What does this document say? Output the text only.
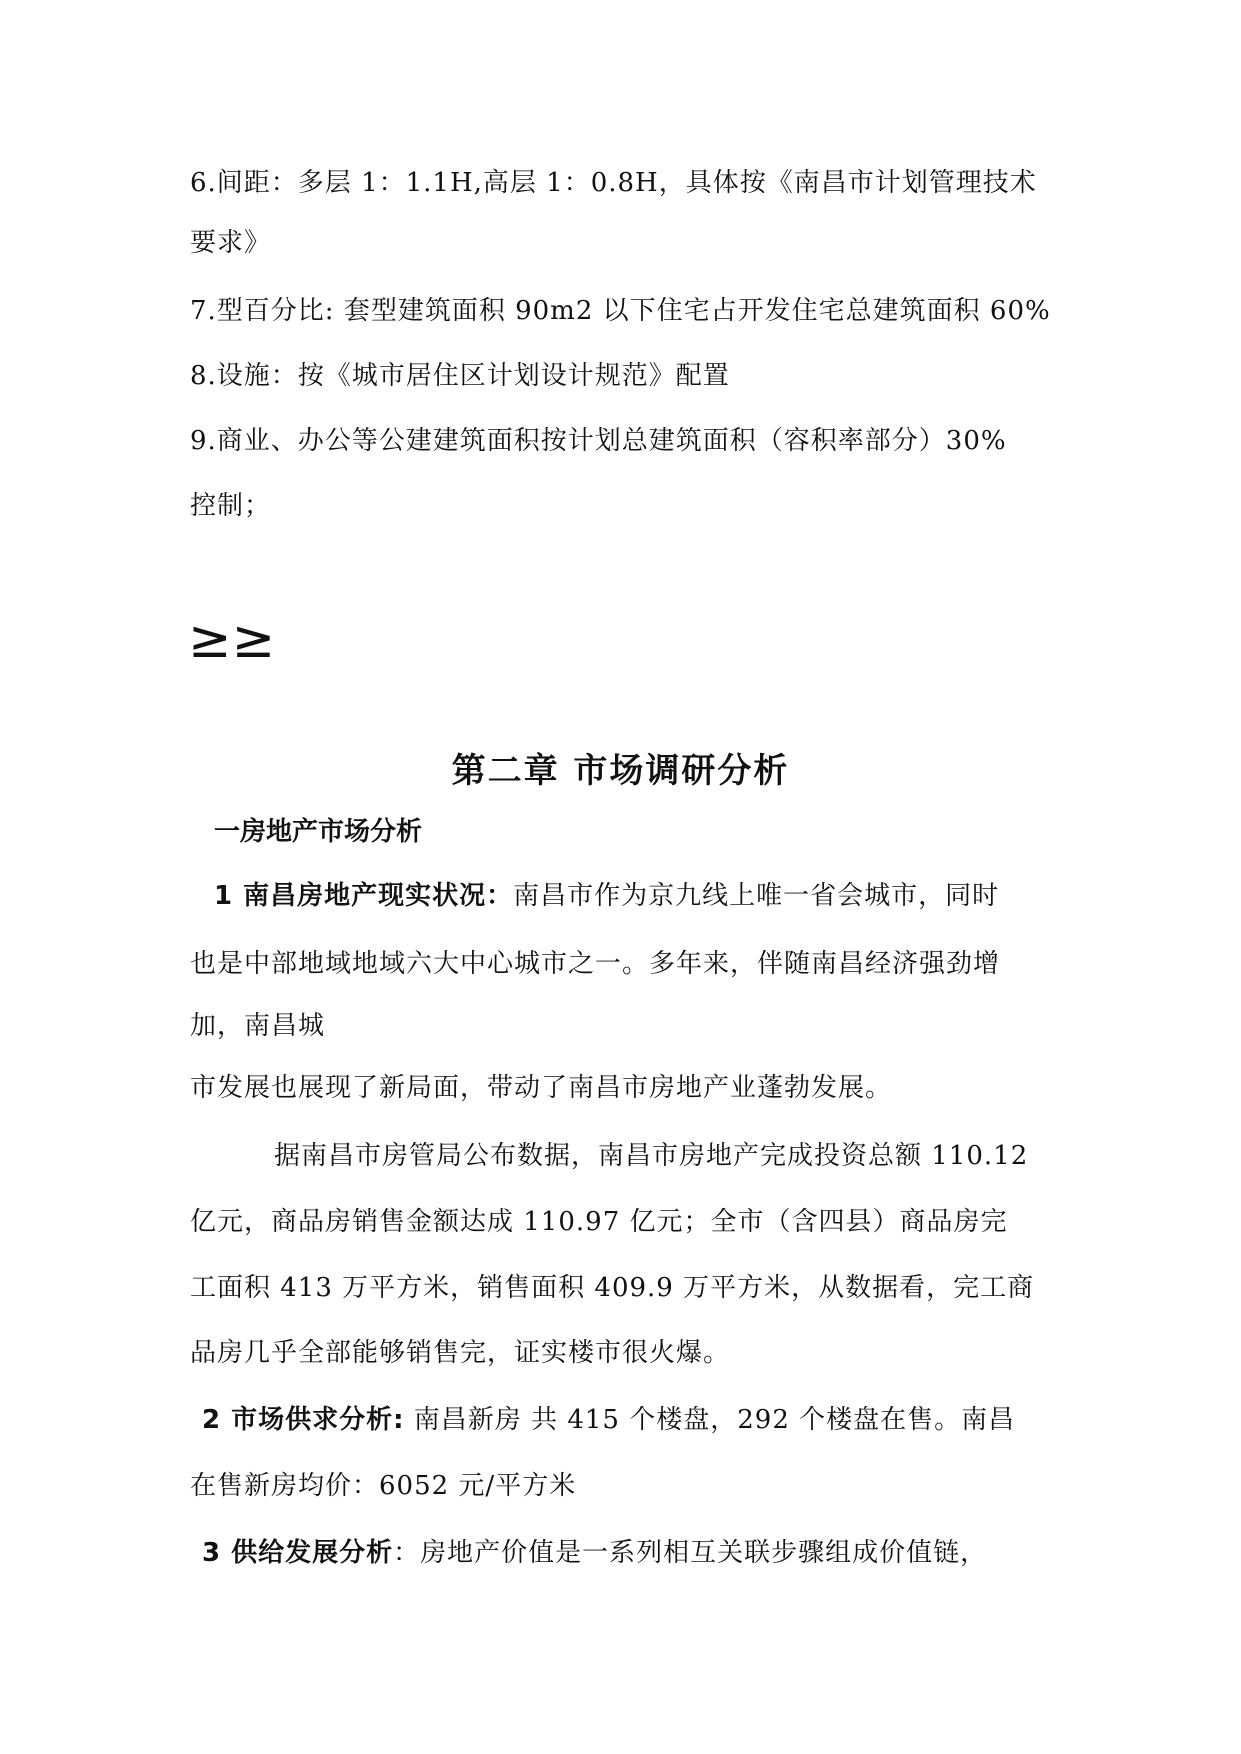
6.间距：多层 1：1.1H,高层 1：0.8H，具体按《南昌市计划管理技术
要求》
7.型百分比: 套型建筑面积 90m2 以下住宅占开发住宅总建筑面积 60%
8.设施：按《城市居住区计划设计规范》配置
9.商业、办公等公建建筑面积按计划总建筑面积（容积率部分）30%
控制；
≥≥
第二章 市场调研分析
一房地产市场分析
1 南昌房地产现实状况：南昌市作为京九线上唯一省会城市，同时
也是中部地域地域六大中心城市之一。多年来，伴随南昌经济强劲增
加，南昌城
市发展也展现了新局面，带动了南昌市房地产业蓬勃发展。
据南昌市房管局公布数据，南昌市房地产完成投资总额 110.12
亿元，商品房销售金额达成 110.97 亿元；全市（含四县）商品房完
工面积 413 万平方米，销售面积 409.9 万平方米，从数据看，完工商
品房几乎全部能够销售完，证实楼市很火爆。
2 市场供求分析: 南昌新房 共 415 个楼盘，292 个楼盘在售。南昌
在售新房均价：6052 元/平方米
3 供给发展分析：房地产价值是一系列相互关联步骤组成价值链，
